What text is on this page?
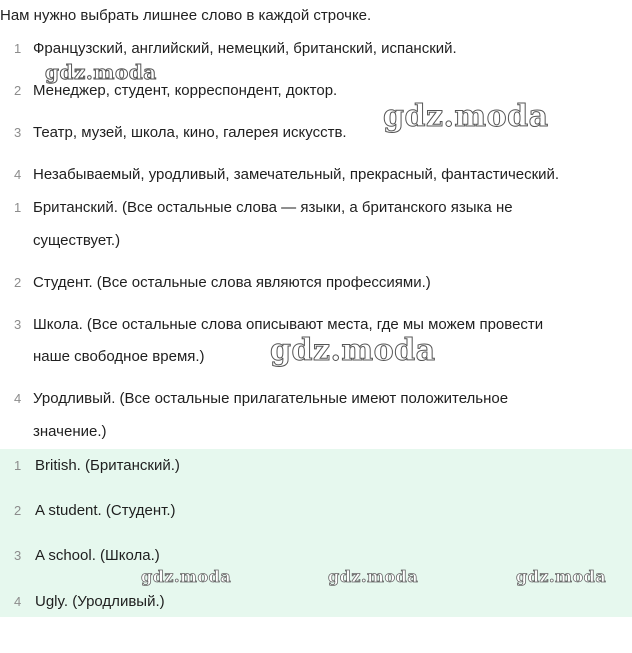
Нам нужно выбрать лишнее слово в каждой строчке.
1 Французский, английский, немецкий, британский, испанский.
2 Менеджер, студент, корреспондент, доктор.
3 Театр, музей, школа, кино, галерея искусств.
4 Незабываемый, уродливый, замечательный, прекрасный, фантастический.
1 Британский. (Все остальные слова — языки, а британского языка не
существует.)
2 Студент. (Все остальные слова являются профессиями.)
3 Школа. (Все остальные слова описывают места, где мы можем провести
наше свободное время.)
4 Уродливый. (Все остальные прилагательные имеют положительное
значение.)
1 British. (Британский.)
2 A student. (Студент.)
3 A school. (Школа.)
4 Ugly. (Уродливый.)
gdz.moda
gdz.moda
gdz.moda
gdz.moda	gdz.moda	gdz.moda
